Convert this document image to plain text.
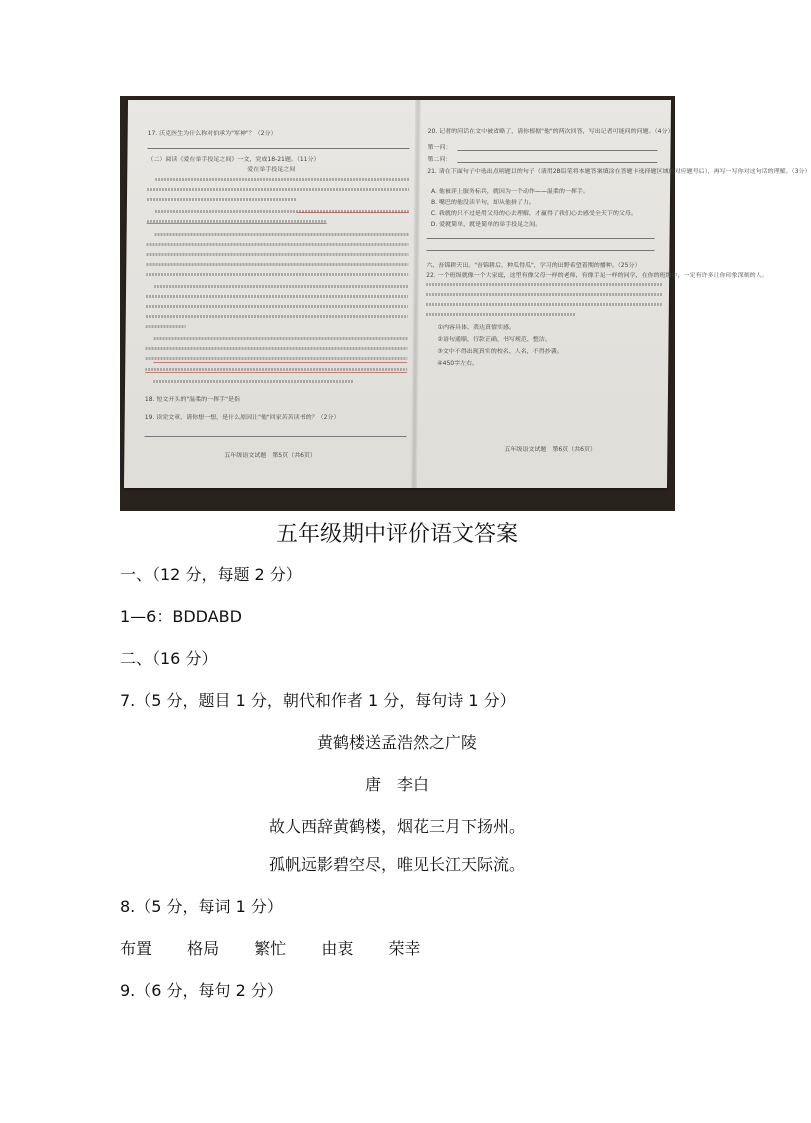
17. 沃克医生为什么称对伯承为"军神"？（2分）
（二）阅读《爱在举手投足之间》一文，完成18-21题。（11分）
爱在举手投足之间
18. 短文开头的"温柔的一挥手"是指
19. 读完文章，请你想一想，是什么原因让"他"回家苦苦读书的？（2分）
五年级语文试题　第5页（共6页）
20. 记者的问话在文中被省略了，请你根据"他"的两次回答，写出记者可能问的问题。（4分）
第一问：
第二问：
21. 请在下面句子中选出点明题目的句子（请用2B铅笔将本题答案填涂在答题卡选择题区域的对应题号后），再写一写你对这句话的理解。（3分）
A. 他被评上服务标兵，就因为一个动作——温柔的一挥手。
B. 嘴巴的他没读半句，却从他拼了力。
C. 我就的只不过是用父母的心去理解，才赢得了我们心去感受全天下的父母。
D. 爱就简单，就是简单的举手投足之间。
六、吾锦耕天田。"吾锦耕后，种瓜得瓜"，学习的田野希望着期的播种。（25分）
22. 一个班级就像一个大家庭，这里有像父母一样的老师，有像手足一样的同学，在你的班级中，一定有许多让你印象深刻的人。
①内容具体，表达真情实感。
②语句通顺，行款正确，书写规范，整洁。
③文中不得出现真实的校名、人名，不得抄袭。
④450字左右。
五年级语文试题　第6页（共6页）
五年级期中评价语文答案
一、（12 分，每题 2 分）
1—6：BDDABD
二、（16 分）
7.（5 分，题目 1 分，朝代和作者 1 分，每句诗 1 分）
黄鹤楼送孟浩然之广陵
唐　李白
故人西辞黄鹤楼，烟花三月下扬州。
孤帆远影碧空尽，唯见长江天际流。
8.（5 分，每词 1 分）
布置 格局 繁忙 由衷 荣幸
9.（6 分，每句 2 分）
